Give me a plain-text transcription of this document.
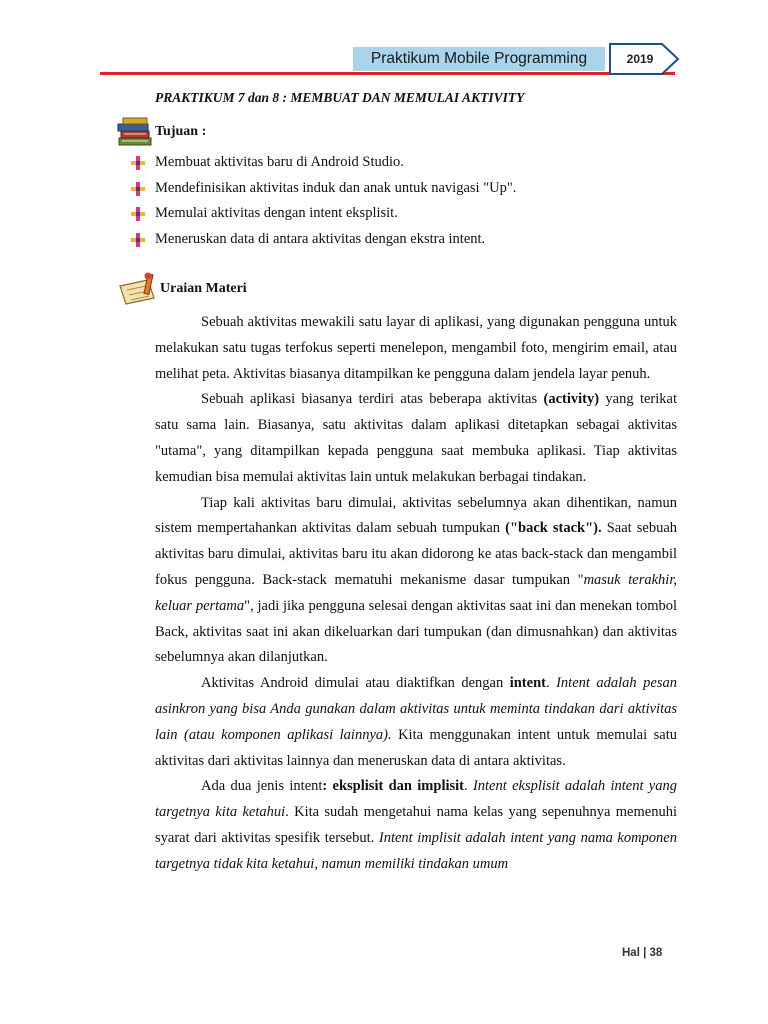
Praktikum Mobile Programming	2019
PRAKTIKUM 7 dan 8 : MEMBUAT DAN MEMULAI AKTIVITY
Tujuan :
Membuat aktivitas baru di Android Studio.
Mendefinisikan aktivitas induk dan anak untuk navigasi "Up".
Memulai aktivitas dengan intent eksplisit.
Meneruskan data di antara aktivitas dengan ekstra intent.
Uraian Materi

Sebuah aktivitas mewakili satu layar di aplikasi, yang digunakan pengguna untuk melakukan satu tugas terfokus seperti menelepon, mengambil foto, mengirim email, atau melihat peta. Aktivitas biasanya ditampilkan ke pengguna dalam jendela layar penuh.

Sebuah aplikasi biasanya terdiri atas beberapa aktivitas (activity) yang terikat satu sama lain. Biasanya, satu aktivitas dalam aplikasi ditetapkan sebagai aktivitas "utama", yang ditampilkan kepada pengguna saat membuka aplikasi. Tiap aktivitas kemudian bisa memulai aktivitas lain untuk melakukan berbagai tindakan.

Tiap kali aktivitas baru dimulai, aktivitas sebelumnya akan dihentikan, namun sistem mempertahankan aktivitas dalam sebuah tumpukan ("back stack"). Saat sebuah aktivitas baru dimulai, aktivitas baru itu akan didorong ke atas back-stack dan mengambil fokus pengguna. Back-stack mematuhi mekanisme dasar tumpukan "masuk terakhir, keluar pertama", jadi jika pengguna selesai dengan aktivitas saat ini dan menekan tombol Back, aktivitas saat ini akan dikeluarkan dari tumpukan (dan dimusnahkan) dan aktivitas sebelumnya akan dilanjutkan.

Aktivitas Android dimulai atau diaktifkan dengan intent. Intent adalah pesan asinkron yang bisa Anda gunakan dalam aktivitas untuk meminta tindakan dari aktivitas lain (atau komponen aplikasi lainnya). Kita menggunakan intent untuk memulai satu aktivitas dari aktivitas lainnya dan meneruskan data di antara aktivitas.

Ada dua jenis intent: eksplisit dan implisit. Intent eksplisit adalah intent yang targetnya kita ketahui. Kita sudah mengetahui nama kelas yang sepenuhnya memenuhi syarat dari aktivitas spesifik tersebut. Intent implisit adalah intent yang nama komponen targetnya tidak kita ketahui, namun memiliki tindakan umum

Hal | 38
